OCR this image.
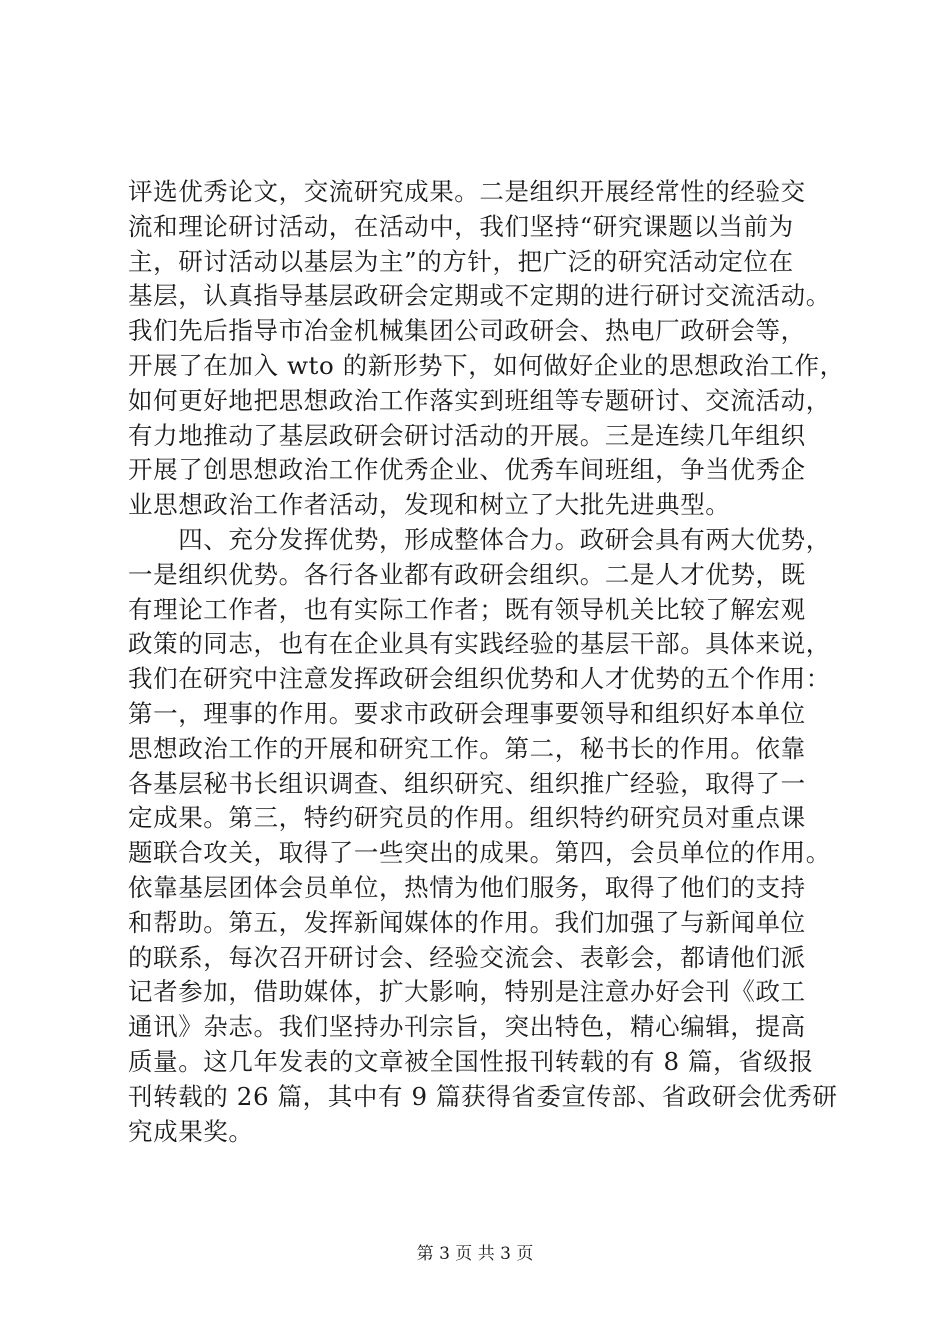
评选优秀论文，交流研究成果。二是组织开展经常性的经验交
流和理论研讨活动，在活动中，我们坚持“研究课题以当前为
主，研讨活动以基层为主”的方针，把广泛的研究活动定位在
基层，认真指导基层政研会定期或不定期的进行研讨交流活动。
我们先后指导市冶金机械集团公司政研会、热电厂政研会等，
开展了在加入 wto 的新形势下，如何做好企业的思想政治工作，
如何更好地把思想政治工作落实到班组等专题研讨、交流活动，
有力地推动了基层政研会研讨活动的开展。三是连续几年组织
开展了创思想政治工作优秀企业、优秀车间班组，争当优秀企
业思想政治工作者活动，发现和树立了大批先进典型。
　　四、充分发挥优势，形成整体合力。政研会具有两大优势，
一是组织优势。各行各业都有政研会组织。二是人才优势，既
有理论工作者，也有实际工作者；既有领导机关比较了解宏观
政策的同志，也有在企业具有实践经验的基层干部。具体来说，
我们在研究中注意发挥政研会组织优势和人才优势的五个作用：
第一，理事的作用。要求市政研会理事要领导和组织好本单位
思想政治工作的开展和研究工作。第二，秘书长的作用。依靠
各基层秘书长组识调查、组织研究、组织推广经验，取得了一
定成果。第三，特约研究员的作用。组织特约研究员对重点课
题联合攻关，取得了一些突出的成果。第四，会员单位的作用。
依靠基层团体会员单位，热情为他们服务，取得了他们的支持
和帮助。第五，发挥新闻媒体的作用。我们加强了与新闻单位
的联系，每次召开研讨会、经验交流会、表彰会，都请他们派
记者参加，借助媒体，扩大影响，特别是注意办好会刊《政工
通讯》杂志。我们坚持办刊宗旨，突出特色，精心编辑，提高
质量。这几年发表的文章被全国性报刊转载的有 8 篇，省级报
刊转载的 26 篇，其中有 9 篇获得省委宣传部、省政研会优秀研
究成果奖。
第 3 页 共 3 页
